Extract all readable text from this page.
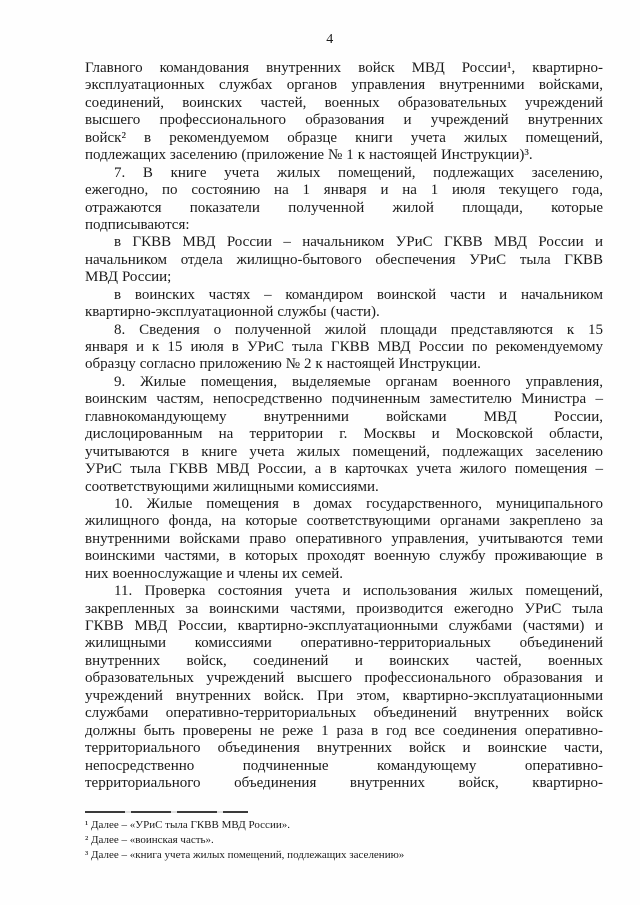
4
Главного командования внутренних войск МВД России¹, квартирно-
эксплуатационных службах органов управления внутренними войсками,
соединений, воинских частей, военных образовательных учреждений
высшего профессионального образования и учреждений внутренних
войск² в рекомендуемом образце книги учета жилых помещений,
подлежащих заселению (приложение № 1 к настоящей Инструкции)³.
7. В книге учета жилых помещений, подлежащих заселению,
ежегодно, по состоянию на 1 января и на 1 июля текущего года,
отражаются показатели полученной жилой площади, которые
подписываются:
в ГКВВ МВД России – начальником УРиС ГКВВ МВД России и
начальником отдела жилищно-бытового обеспечения УРиС тыла ГКВВ
МВД России;
в воинских частях – командиром воинской части и начальником
квартирно-эксплуатационной службы (части).
8. Сведения о полученной жилой площади представляются к 15
января и к 15 июля в УРиС тыла ГКВВ МВД России по рекомендуемому
образцу согласно приложению № 2 к настоящей Инструкции.
9. Жилые помещения, выделяемые органам военного управления,
воинским частям, непосредственно подчиненным заместителю Министра –
главнокомандующему внутренними войсками МВД России,
дислоцированным на территории г. Москвы и Московской области,
учитываются в книге учета жилых помещений, подлежащих заселению
УРиС тыла ГКВВ МВД России, а в карточках учета жилого помещения –
соответствующими жилищными комиссиями.
10. Жилые помещения в домах государственного, муниципального
жилищного фонда, на которые соответствующими органами закреплено за
внутренними войсками право оперативного управления, учитываются теми
воинскими частями, в которых проходят военную службу проживающие в
них военнослужащие и члены их семей.
11. Проверка состояния учета и использования жилых помещений,
закрепленных за воинскими частями, производится ежегодно УРиС тыла
ГКВВ МВД России, квартирно-эксплуатационными службами (частями) и
жилищными комиссиями оперативно-территориальных объединений
внутренних войск, соединений и воинских частей, военных
образовательных учреждений высшего профессионального образования и
учреждений внутренних войск. При этом, квартирно-эксплуатационными
службами оперативно-территориальных объединений внутренних войск
должны быть проверены не реже 1 раза в год все соединения оперативно-
территориального объединения внутренних войск и воинские части,
непосредственно подчиненные командующему оперативно-
территориального объединения внутренних войск, квартирно-
¹ Далее – «УРиС тыла ГКВВ МВД России».
² Далее – «воинская часть».
³ Далее – «книга учета жилых помещений, подлежащих заселению»
